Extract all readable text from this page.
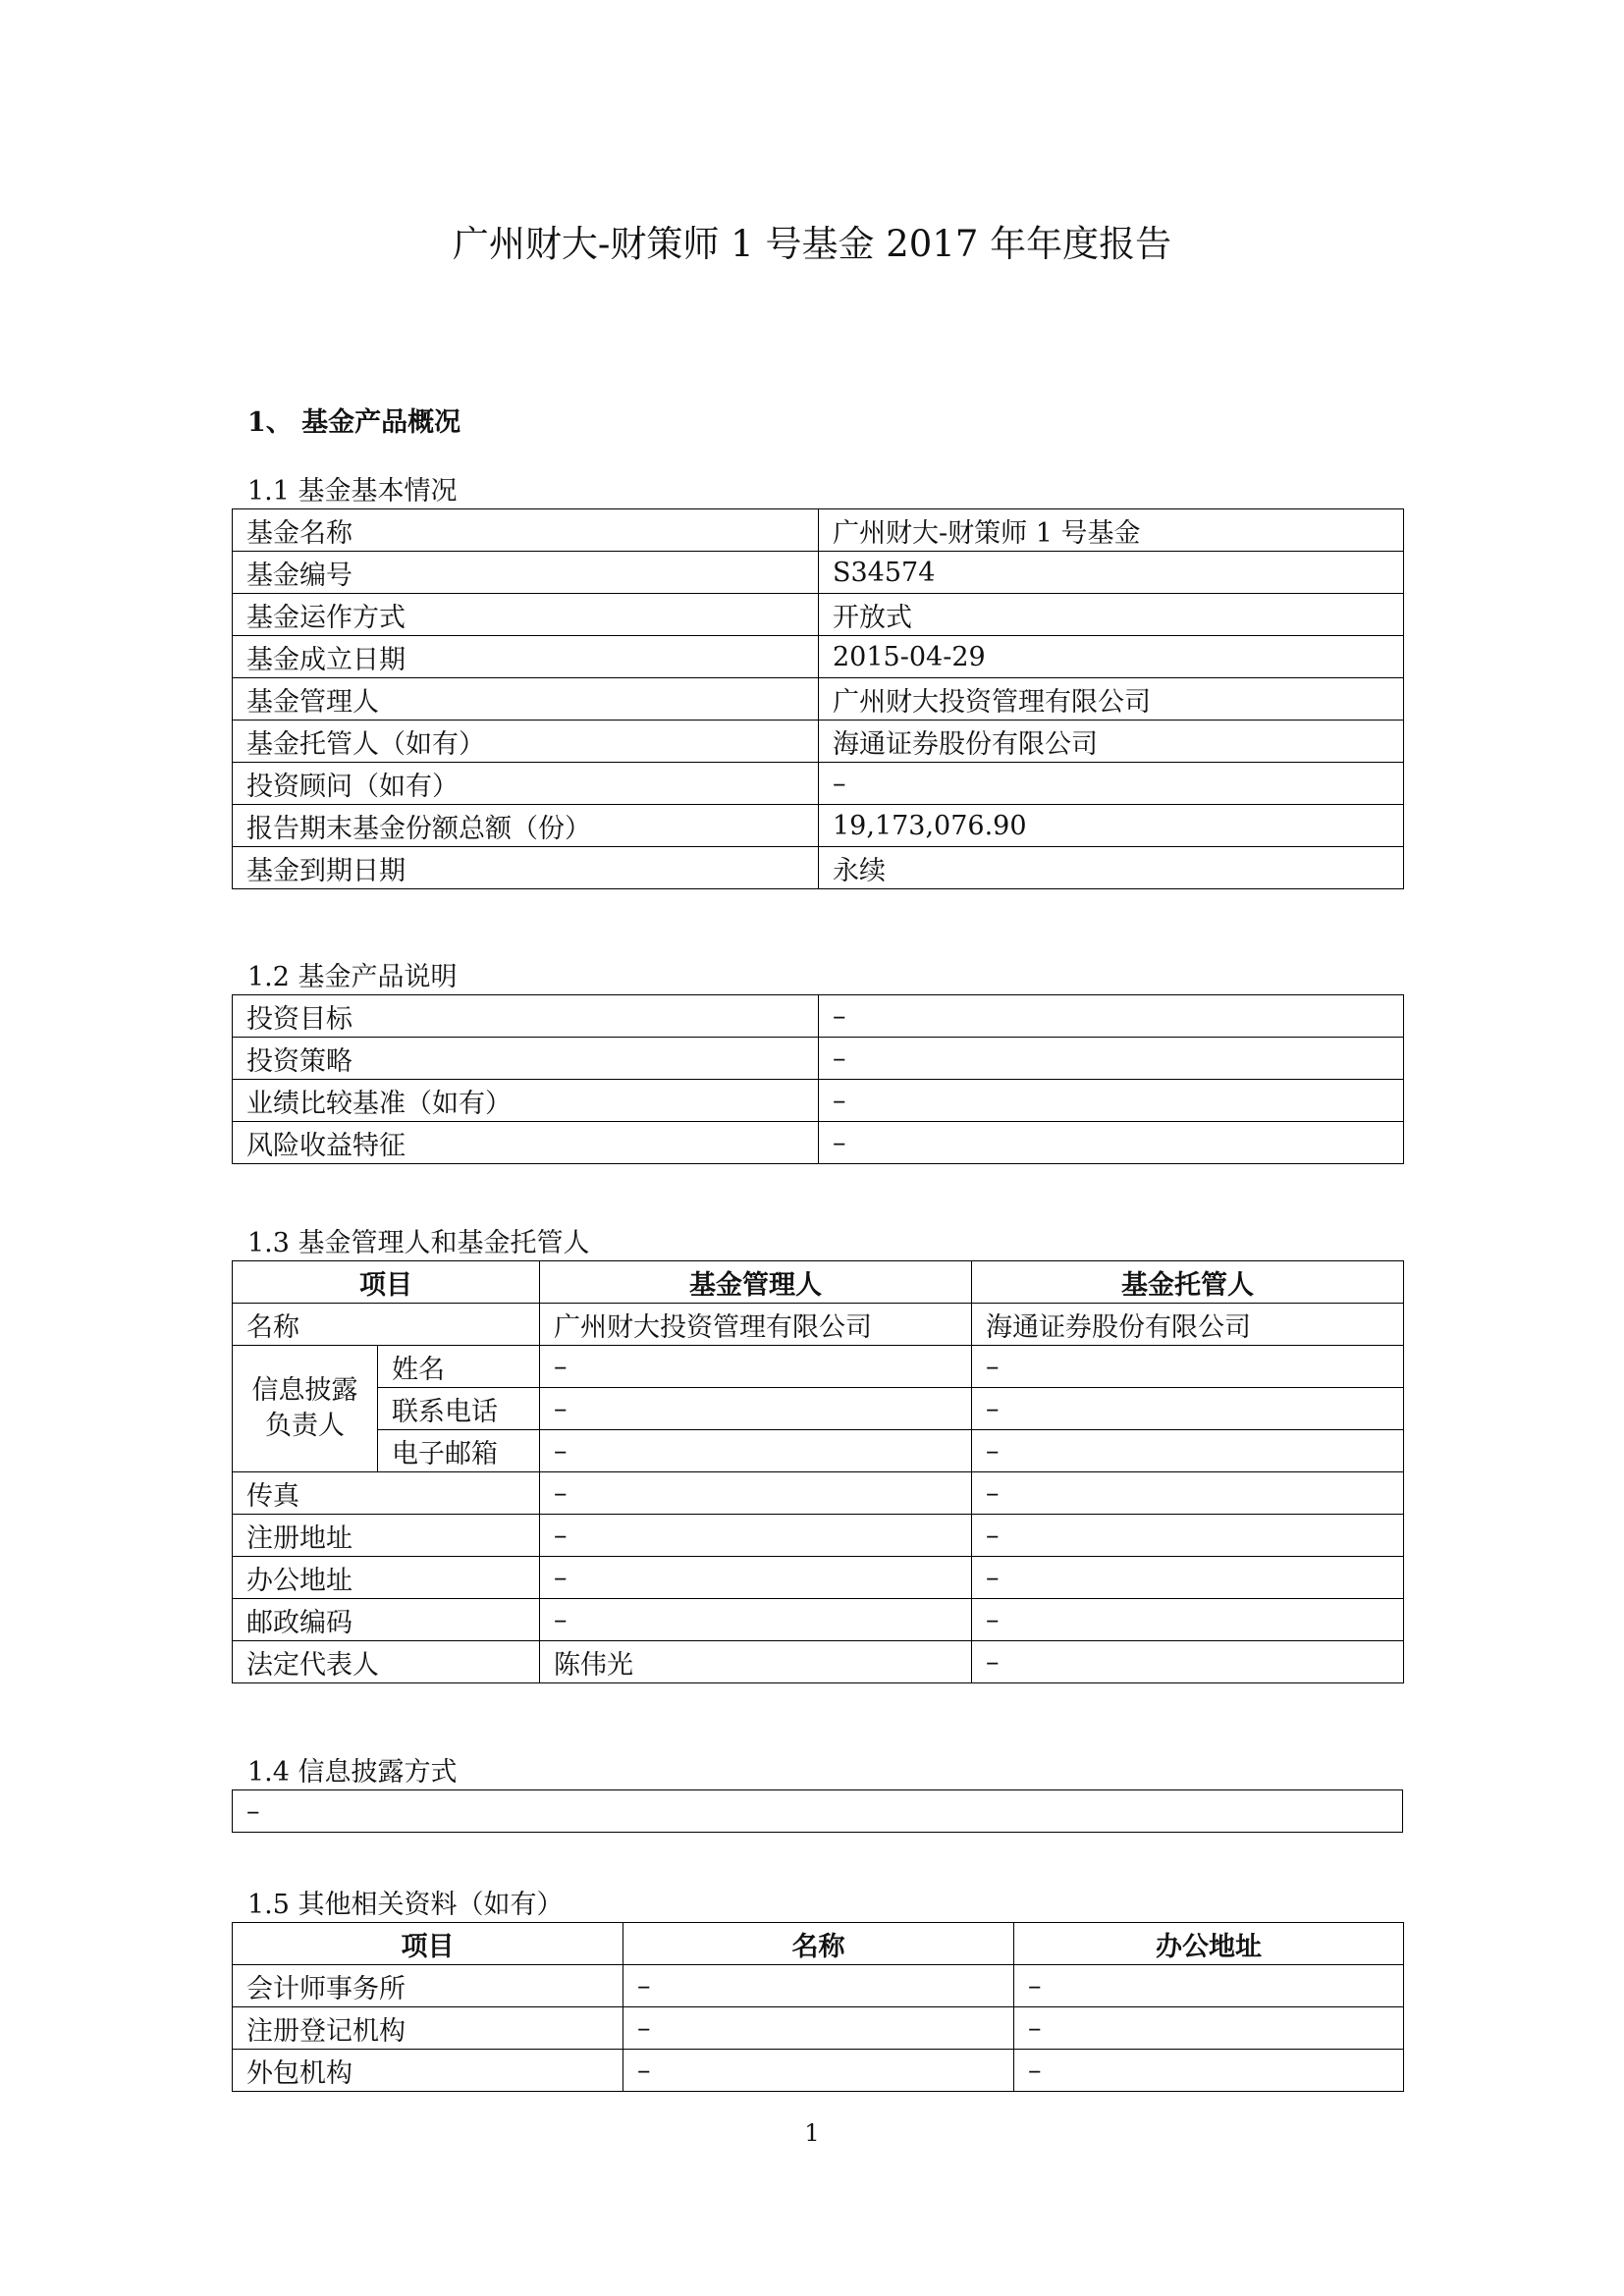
广州财大-财策师 1 号基金 2017 年年度报告
1、 基金产品概况
1.1 基金基本情况
基金名称	广州财大-财策师 1 号基金
基金编号	S34574
基金运作方式	开放式
基金成立日期	2015-04-29
基金管理人	广州财大投资管理有限公司
基金托管人（如有）	海通证券股份有限公司
投资顾问（如有）	–
报告期末基金份额总额（份）	19,173,076.90
基金到期日期	永续
1.2 基金产品说明
投资目标	–
投资策略	–
业绩比较基准（如有）	–
风险收益特征	–
1.3 基金管理人和基金托管人
项目		基金管理人	基金托管人
名称		广州财大投资管理有限公司	海通证券股份有限公司
信息披露负责人	姓名	–	–
	联系电话	–	–
	电子邮箱	–	–
传真		–	–
注册地址		–	–
办公地址		–	–
邮政编码		–	–
法定代表人		陈伟光	–
1.4 信息披露方式
–
1.5 其他相关资料（如有）
项目	名称	办公地址
会计师事务所	–	–
注册登记机构	–	–
外包机构	–	–
1
